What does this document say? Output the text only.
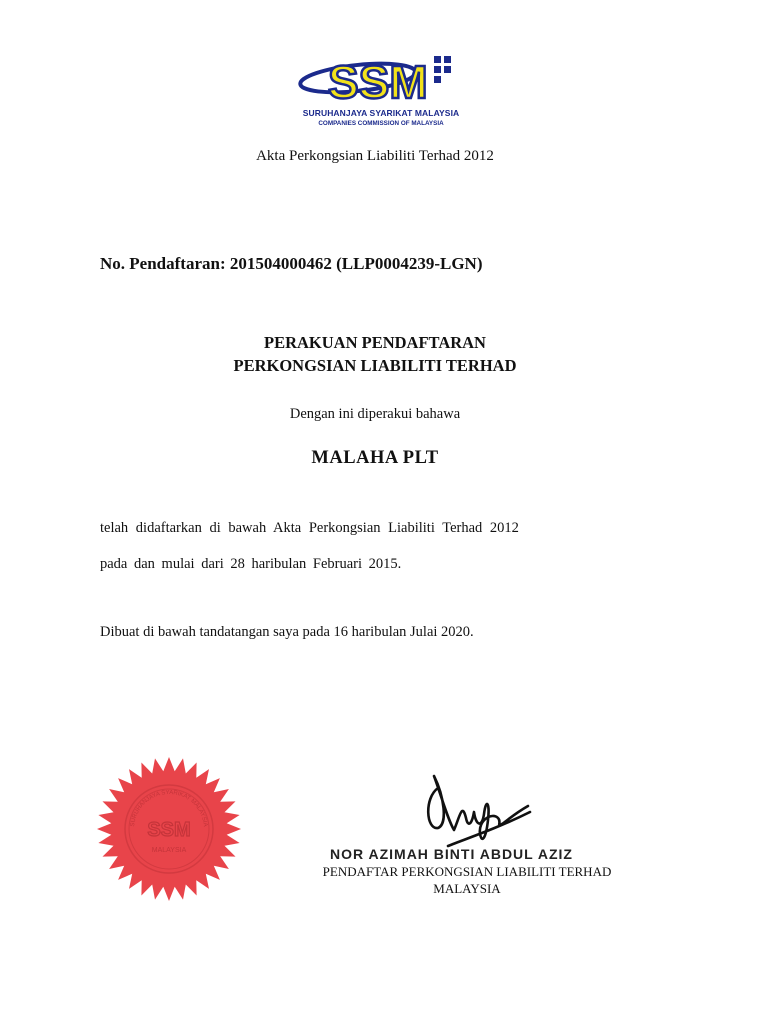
SSM
SURUHANJAYA SYARIKAT MALAYSIA
COMPANIES COMMISSION OF MALAYSIA
Akta Perkongsian Liabiliti Terhad 2012
No. Pendaftaran: 201504000462 (LLP0004239-LGN)
PERAKUAN PENDAFTARAN
PERKONGSIAN LIABILITI TERHAD
Dengan ini diperakui bahawa
MALAHA PLT
telah didaftarkan di bawah Akta Perkongsian Liabiliti Terhad 2012
pada dan mulai dari 28 haribulan Februari 2015.
Dibuat di bawah tandatangan saya pada 16 haribulan Julai 2020.
SURUHANJAYA SYARIKAT MALAYSIA
SSM
MALAYSIA	NOR AZIMAH BINTI ABDUL AZIZ
PENDAFTAR PERKONGSIAN LIABILITI TERHAD
MALAYSIA
